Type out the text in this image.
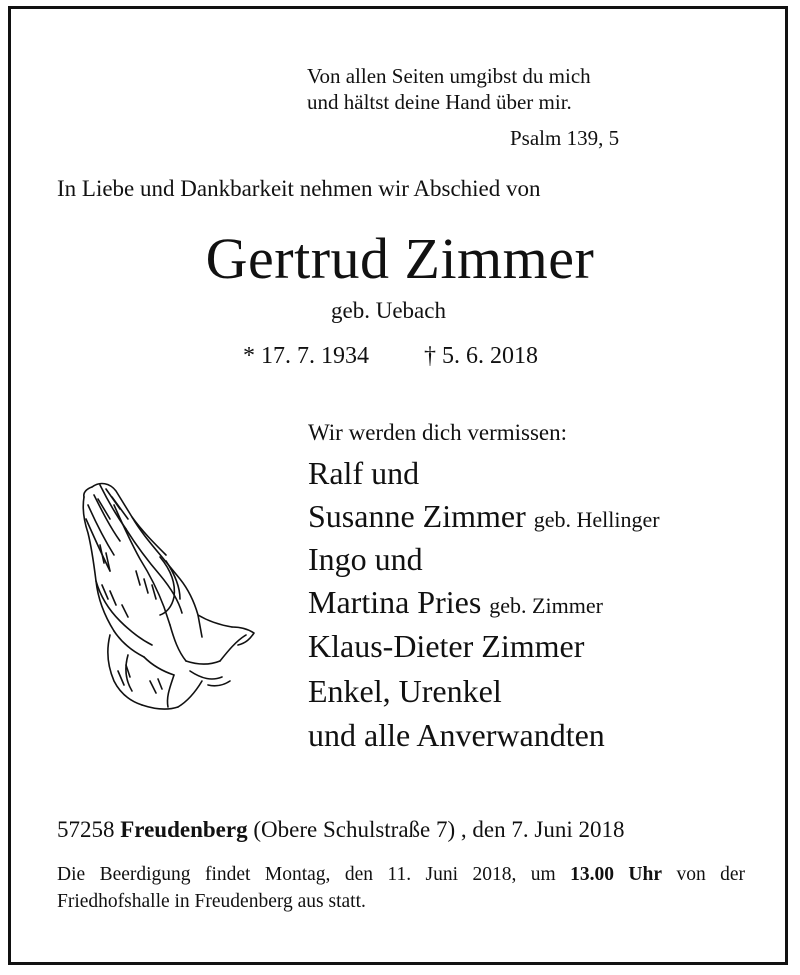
Von allen Seiten umgibst du mich
und hältst deine Hand über mir.
Psalm 139, 5
In Liebe und Dankbarkeit nehmen wir Abschied von
Gertrud Zimmer
geb. Uebach
* 17. 7. 1934 † 5. 6. 2018
Wir werden dich vermissen:
Ralf und
Susanne Zimmer geb. Hellinger
Ingo und
Martina Pries geb. Zimmer
Klaus-Dieter Zimmer
Enkel, Urenkel
und alle Anverwandten
57258 Freudenberg (Obere Schulstraße 7) , den 7. Juni 2018
Die Beerdigung findet Montag, den 11. Juni 2018, um 13.00 Uhr von der Friedhofshalle in Freudenberg aus statt.
